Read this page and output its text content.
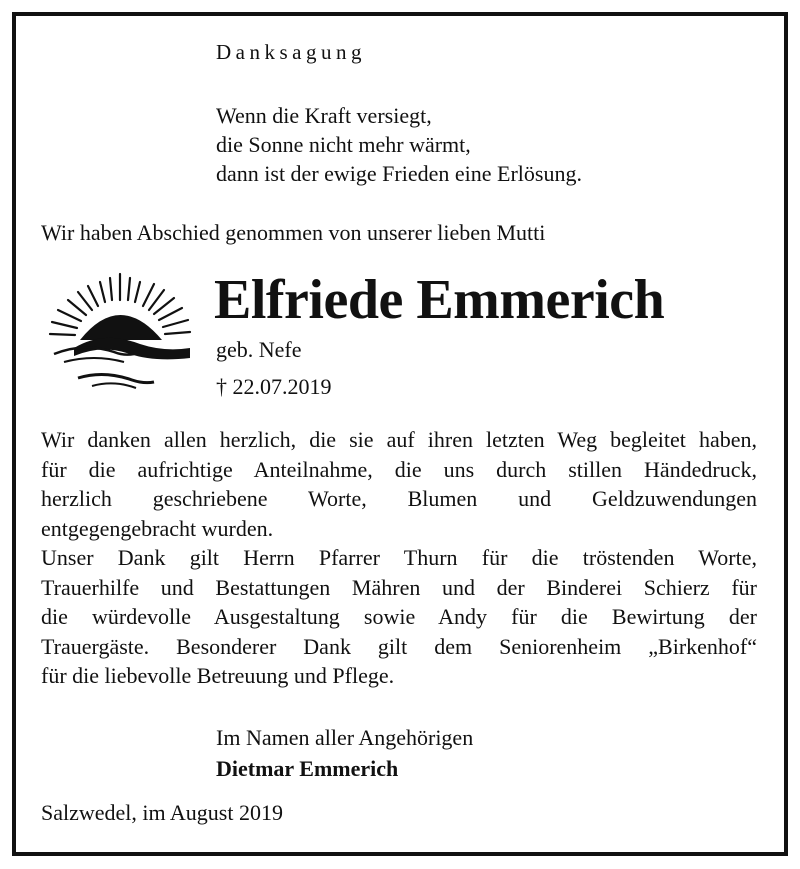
Danksagung
Wenn die Kraft versiegt,
die Sonne nicht mehr wärmt,
dann ist der ewige Frieden eine Erlösung.
Wir haben Abschied genommen von unserer lieben Mutti
Elfriede Emmerich
geb. Nefe
† 22.07.2019
Wir danken allen herzlich, die sie auf ihren letzten Weg begleitet haben,
für die aufrichtige Anteilnahme, die uns durch stillen Händedruck,
herzlich geschriebene Worte, Blumen und Geldzuwendungen
entgegengebracht wurden.
Unser Dank gilt Herrn Pfarrer Thurn für die tröstenden Worte,
Trauerhilfe und Bestattungen Mähren und der Binderei Schierz für
die würdevolle Ausgestaltung sowie Andy für die Bewirtung der
Trauergäste. Besonderer Dank gilt dem Seniorenheim „Birkenhof“
für die liebevolle Betreuung und Pflege.
Im Namen aller Angehörigen
Dietmar Emmerich
Salzwedel, im August 2019
